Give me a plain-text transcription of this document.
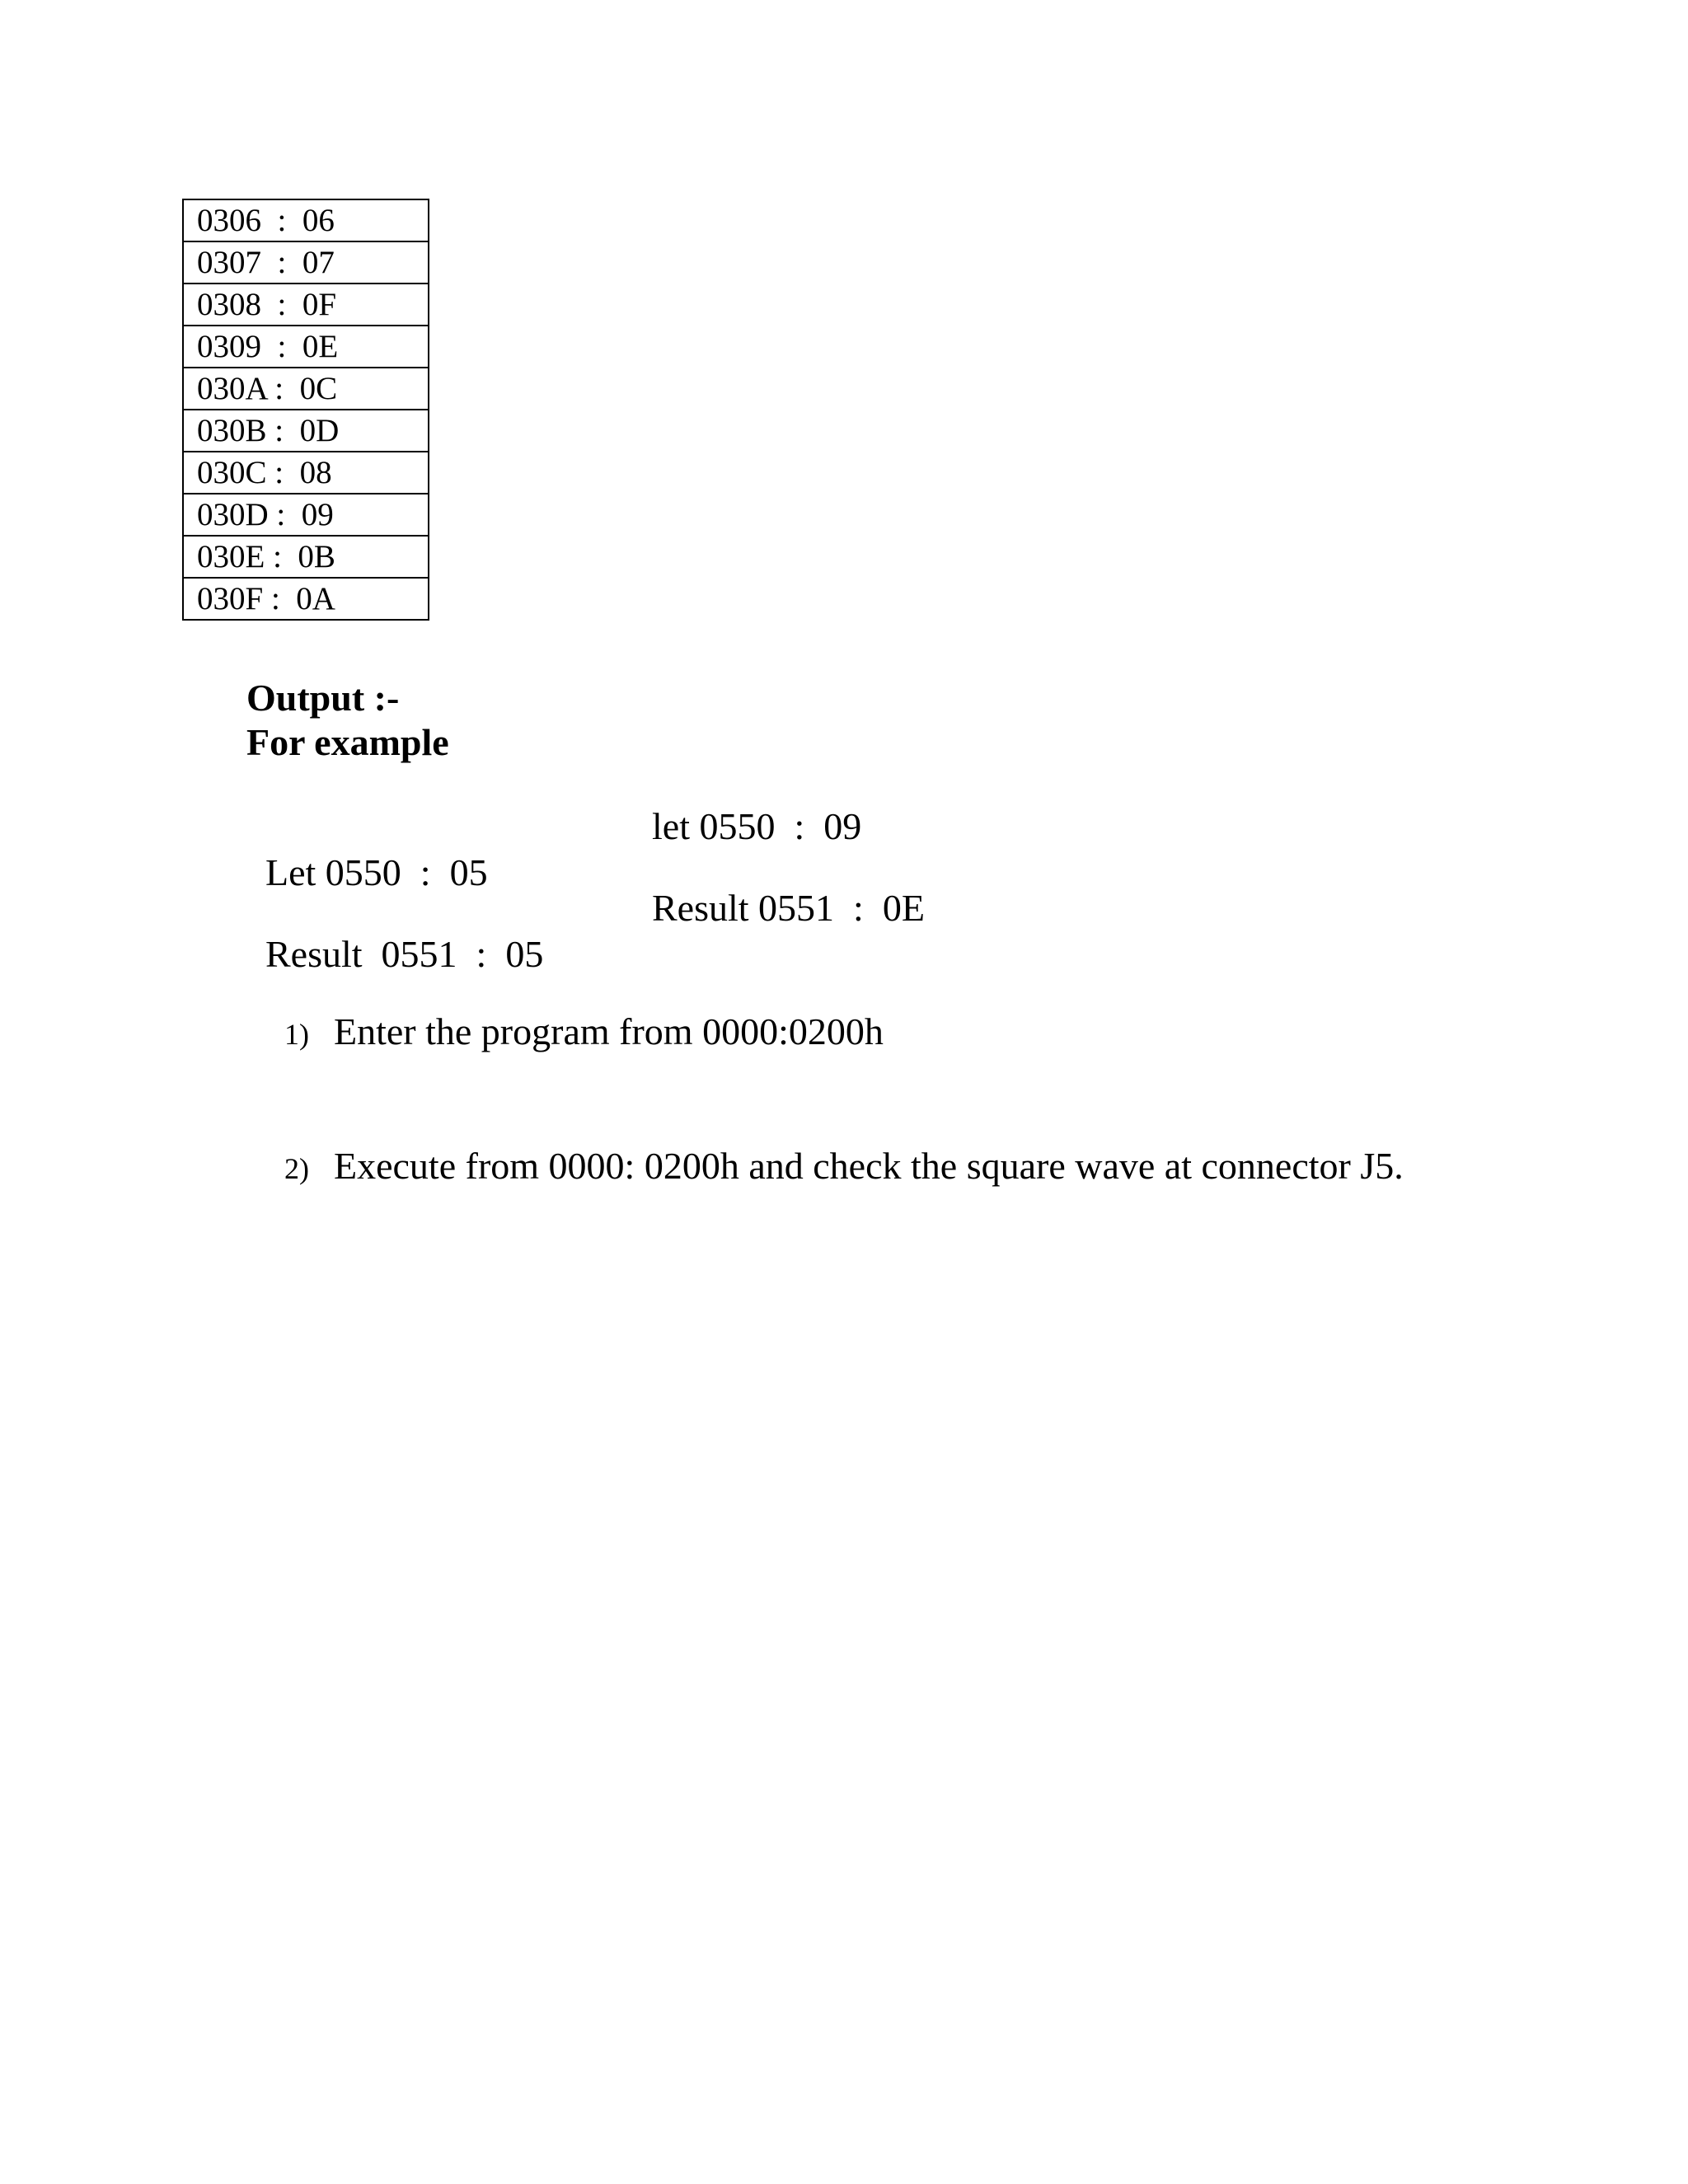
0306  :  06
0307  :  07
0308  :  0F
0309  :  0E
030A :  0C
030B :  0D
030C :  08
030D :  09
030E :  0B
030F :  0A
Output :-
For example

Let 0550  :  05

let 0550  :  09

Result  0551  :  05

Result 0551  :  0E

1) Enter the program from 0000:0200h

2) Execute from 0000: 0200h and check the square wave at connector J5.
